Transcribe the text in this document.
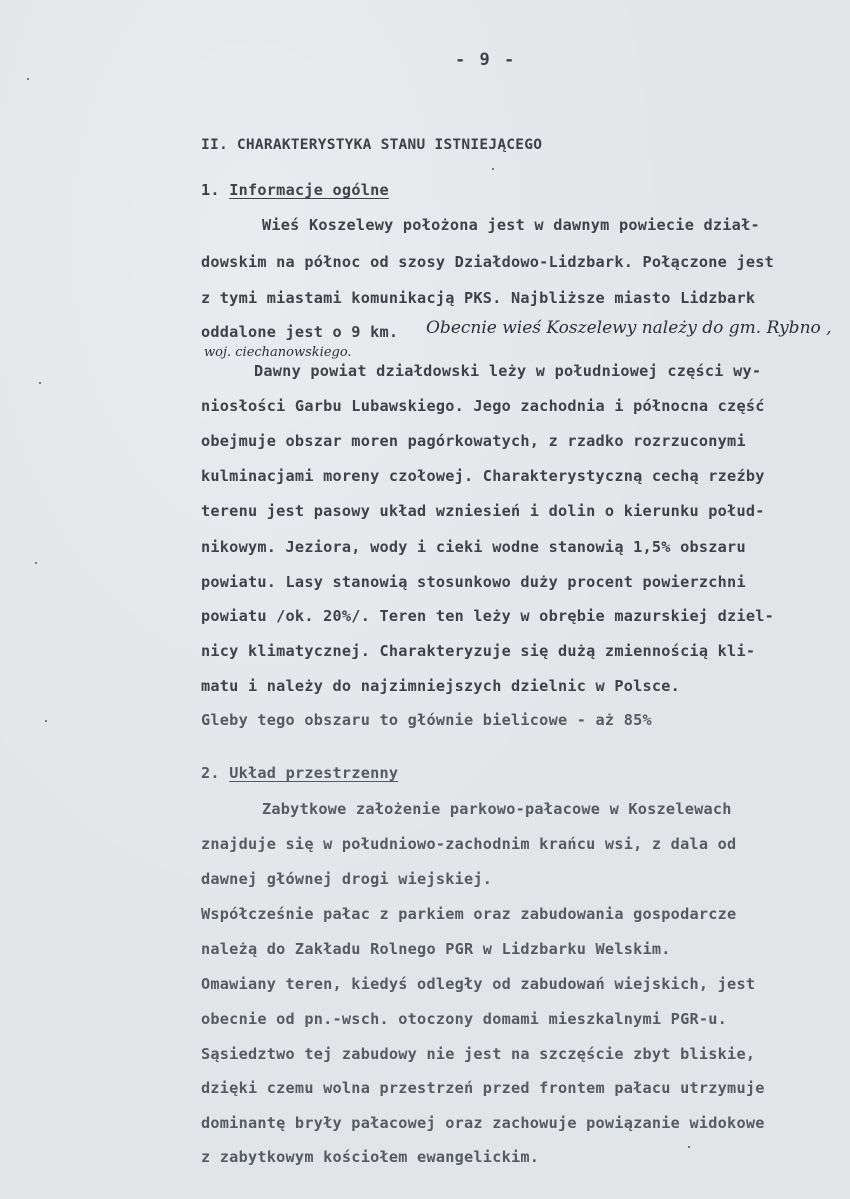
- 9 -
II. CHARAKTERYSTYKA STANU ISTNIEJĄCEGO
1. Informacje ogólne
Wieś Koszelewy położona jest w dawnym powiecie dział-
dowskim na północ od szosy Działdowo-Lidzbark. Połączone jest
z tymi miastami komunikacją PKS. Najbliższe miasto Lidzbark
oddalone jest o 9 km. Obecnie wieś Koszelewy należy do gm. Rybno ,
woj. ciechanowskiego.
Dawny powiat działdowski leży w południowej części wy-
niosłości Garbu Lubawskiego. Jego zachodnia i północna część
obejmuje obszar moren pagórkowatych, z rzadko rozrzuconymi
kulminacjami moreny czołowej. Charakterystyczną cechą rzeźby
terenu jest pasowy układ wzniesień i dolin o kierunku połud-
nikowym. Jeziora, wody i cieki wodne stanowią 1,5% obszaru
powiatu. Lasy stanowią stosunkowo duży procent powierzchni
powiatu /ok. 20%/. Teren ten leży w obrębie mazurskiej dziel-
nicy klimatycznej. Charakteryzuje się dużą zmiennością kli-
matu i należy do najzimniejszych dzielnic w Polsce.
Gleby tego obszaru to głównie bielicowe - aż 85%
2. Układ przestrzenny
Zabytkowe założenie parkowo-pałacowe w Koszelewach
znajduje się w południowo-zachodnim krańcu wsi, z dala od
dawnej głównej drogi wiejskiej.
Współcześnie pałac z parkiem oraz zabudowania gospodarcze
należą do Zakładu Rolnego PGR w Lidzbarku Welskim.
Omawiany teren, kiedyś odległy od zabudowań wiejskich, jest
obecnie od pn.-wsch. otoczony domami mieszkalnymi PGR-u.
Sąsiedztwo tej zabudowy nie jest na szczęście zbyt bliskie,
dzięki czemu wolna przestrzeń przed frontem pałacu utrzymuje
dominantę bryły pałacowej oraz zachowuje powiązanie widokowe
z zabytkowym kościołem ewangelickim.
